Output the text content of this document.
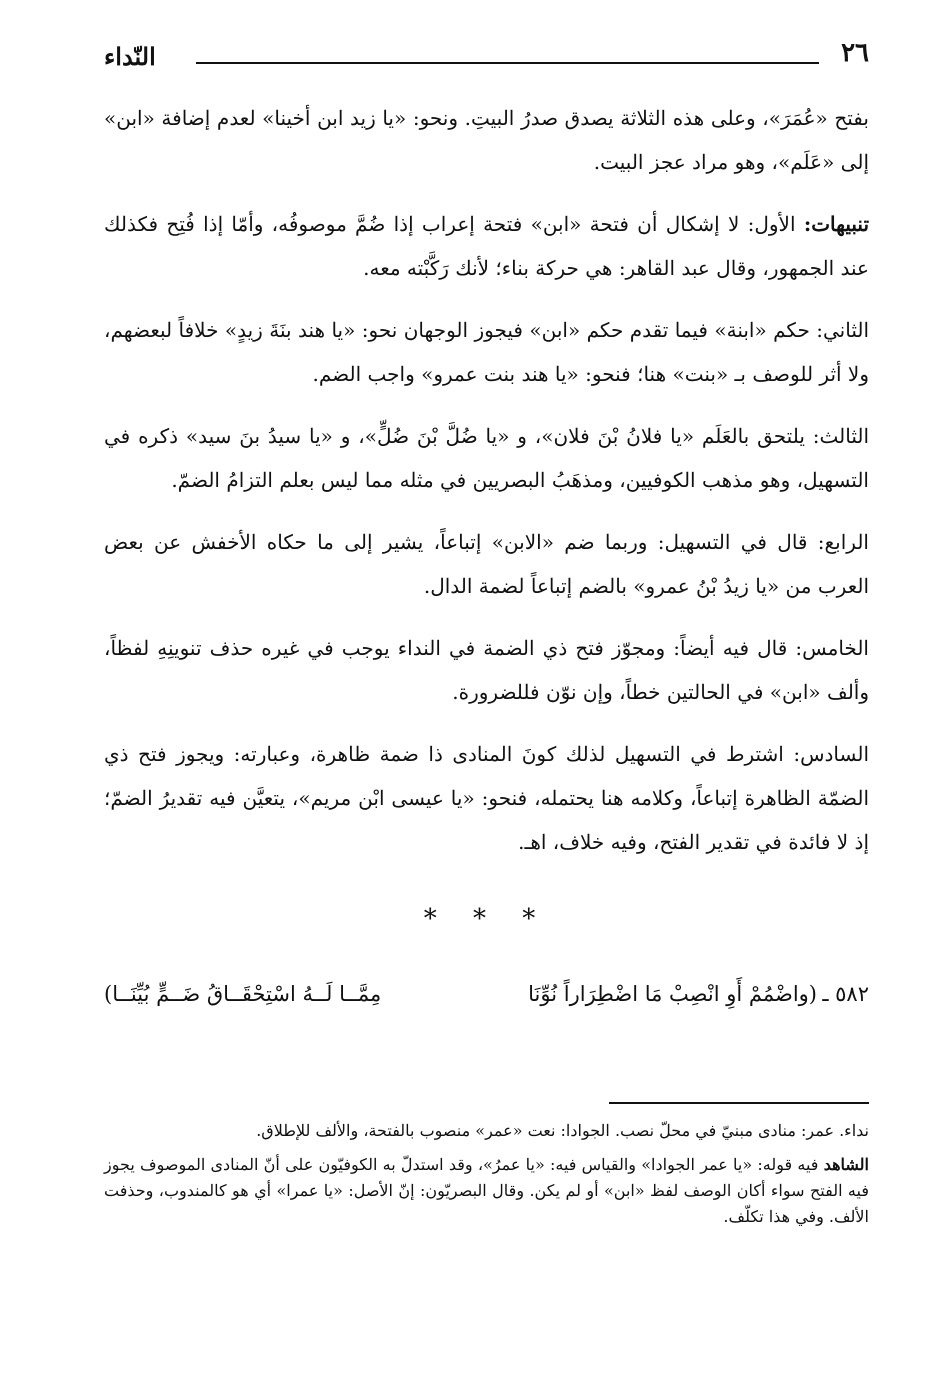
٢٦
النّداء

بفتح «عُمَرَ»، وعلى هذه الثلاثة يصدق صدرُ البيتِ. ونحو: «يا زيد ابن أخينا» لعدم إضافة «ابن» إلى «عَلَم»، وهو مراد عجز البيت.

تنبيهات: الأول: لا إشكال أن فتحة «ابن» فتحة إعراب إذا ضُمَّ موصوفُه، وأمّا إذا فُتِح فكذلك عند الجمهور، وقال عبد القاهر: هي حركة بناء؛ لأنك رَكَّبْته معه.

الثاني: حكم «ابنة» فيما تقدم حكم «ابن» فيجوز الوجهان نحو: «يا هند بنَةَ زيدٍ» خلافاً لبعضهم، ولا أثر للوصف بـ «بنت» هنا؛ فنحو: «يا هند بنت عمرو» واجب الضم.

الثالث: يلتحق بالعَلَم «يا فلانُ بْنَ فلان»، و «يا ضُلَّ بْنَ ضُلٍّ»، و «يا سيدُ بنَ سيد» ذكره في التسهيل، وهو مذهب الكوفيين، ومذهَبُ البصريين في مثله مما ليس بعلم التزامُ الضمّ.

الرابع: قال في التسهيل: وربما ضم «الابن» إتباعاً، يشير إلى ما حكاه الأخفش عن بعض العرب من «يا زيدُ بْنُ عمرو» بالضم إتباعاً لضمة الدال.

الخامس: قال فيه أيضاً: ومجوّز فتح ذي الضمة في النداء يوجب في غيره حذف تنوينِهِ لفظاً، وألف «ابن» في الحالتين خطاً، وإن نوّن فللضرورة.

السادس: اشترط في التسهيل لذلك كونَ المنادى ذا ضمة ظاهرة، وعبارته: ويجوز فتح ذي الضمّة الظاهرة إتباعاً، وكلامه هنا يحتمله، فنحو: «يا عيسى ابْن مريم»، يتعيَّن فيه تقديرُ الضمّ؛ إذ لا فائدة في تقدير الفتح، وفيه خلاف، اهـ.

* * *
٥٨٢ ـ
(واضْمُمْ أَوِ انْصِبْ مَا اضْطِرَاراً نُوِّنَا
مِمَّــا لَــهُ اسْتِحْقَــاقُ ضَــمٍّ بُيِّنَــا)

نداء. عمر: منادى مبنيّ في محلّ نصب. الجوادا: نعت «عمر» منصوب بالفتحة، والألف للإطلاق.

الشاهد فيه قوله: «يا عمر الجوادا» والقياس فيه: «يا عمرُ»، وقد استدلّ به الكوفيّون على أنّ المنادى الموصوف يجوز فيه الفتح سواء أكان الوصف لفظ «ابن» أو لم يكن. وقال البصريّون: إنّ الأصل: «يا عمرا» أي هو كالمندوب، وحذفت الألف. وفي هذا تكلّف.
